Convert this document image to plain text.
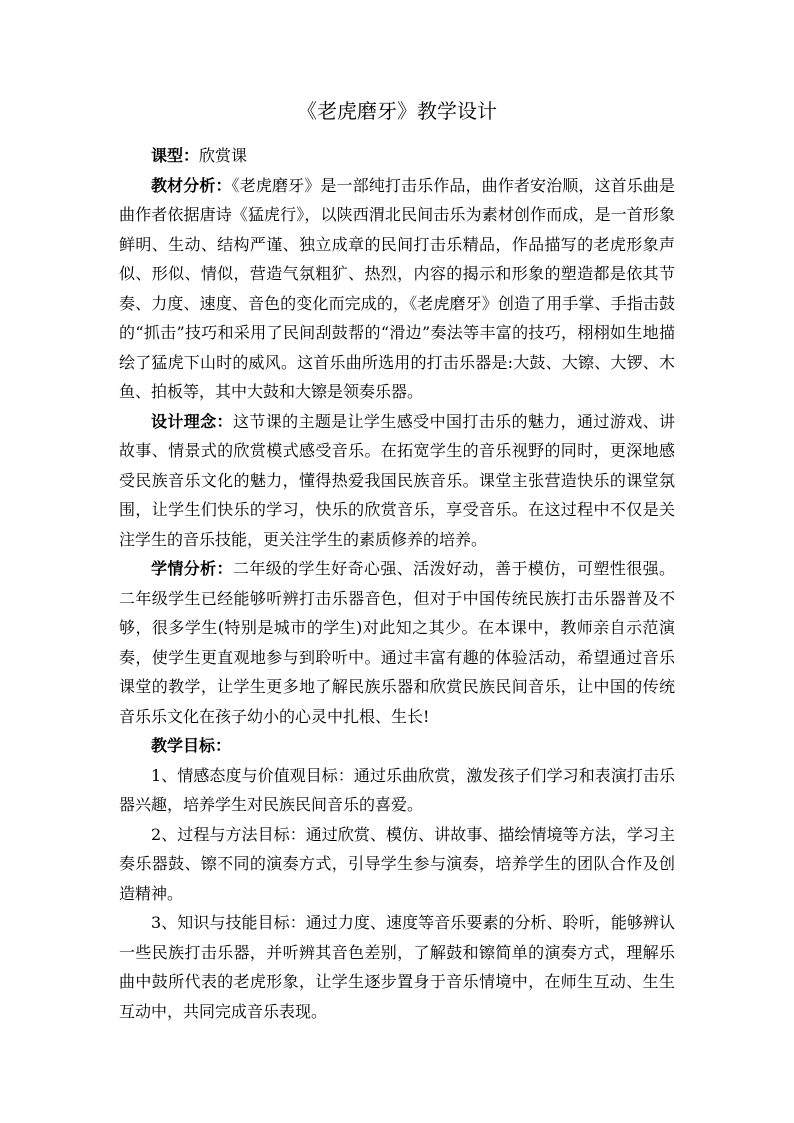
《老虎磨牙》教学设计

课型：欣赏课

教材分析：《老虎磨牙》是一部纯打击乐作品，曲作者安治顺，这首乐曲是曲作者依据唐诗《猛虎行》，以陕西渭北民间击乐为素材创作而成，是一首形象鲜明、生动、结构严谨、独立成章的民间打击乐精品，作品描写的老虎形象声似、形似、情似，营造气氛粗犷、热烈，内容的揭示和形象的塑造都是依其节奏、力度、速度、音色的变化而完成的，《老虎磨牙》创造了用手掌、手指击鼓的“抓击”技巧和采用了民间刮鼓帮的“滑边”奏法等丰富的技巧，栩栩如生地描绘了猛虎下山时的威风。这首乐曲所选用的打击乐器是:大鼓、大镲、大锣、木鱼、拍板等，其中大鼓和大镲是领奏乐器。

设计理念：这节课的主题是让学生感受中国打击乐的魅力，通过游戏、讲故事、情景式的欣赏模式感受音乐。在拓宽学生的音乐视野的同时，更深地感受民族音乐文化的魅力，懂得热爱我国民族音乐。课堂主张营造快乐的课堂氛围，让学生们快乐的学习，快乐的欣赏音乐，享受音乐。在这过程中不仅是关注学生的音乐技能，更关注学生的素质修养的培养。

学情分析：二年级的学生好奇心强、活泼好动，善于模仿，可塑性很强。二年级学生已经能够听辨打击乐器音色，但对于中国传统民族打击乐器普及不够，很多学生(特别是城市的学生)对此知之其少。在本课中，教师亲自示范演奏，使学生更直观地参与到聆听中。通过丰富有趣的体验活动，希望通过音乐课堂的教学，让学生更多地了解民族乐器和欣赏民族民间音乐，让中国的传统音乐乐文化在孩子幼小的心灵中扎根、生长!

教学目标：

1、情感态度与价值观目标：通过乐曲欣赏，激发孩子们学习和表演打击乐器兴趣，培养学生对民族民间音乐的喜爱。

2、过程与方法目标：通过欣赏、模仿、讲故事、描绘情境等方法，学习主奏乐器鼓、镲不同的演奏方式，引导学生参与演奏，培养学生的团队合作及创造精神。

3、知识与技能目标：通过力度、速度等音乐要素的分析、聆听，能够辨认一些民族打击乐器，并听辨其音色差别，了解鼓和镲简单的演奏方式，理解乐曲中鼓所代表的老虎形象，让学生逐步置身于音乐情境中，在师生互动、生生互动中，共同完成音乐表现。
